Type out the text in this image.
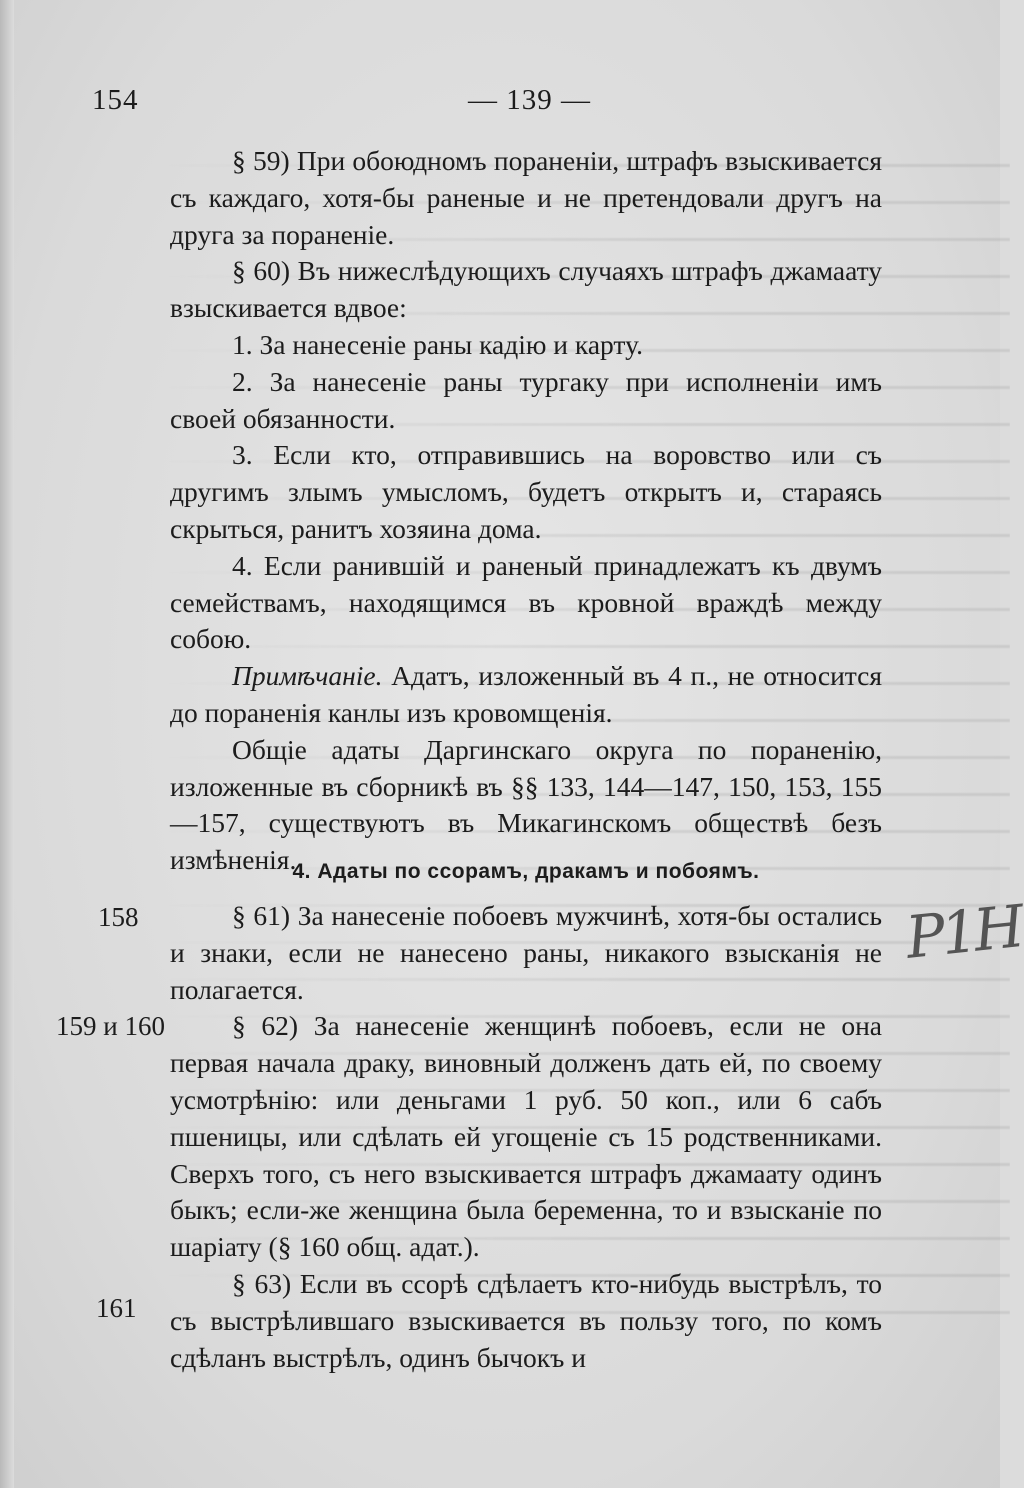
154	— 139 —

§ 59) При обоюдномъ пораненіи, штрафъ взыскивается съ каждаго, хотя-бы раненые и не претендовали другъ на друга за пораненіе.

§ 60) Въ нижеслѣдующихъ случаяхъ штрафъ джамаату взыскивается вдвое:

1. За нанесеніе раны кадію и карту.

2. За нанесеніе раны тургаку при исполненіи имъ своей обязанности.

3. Если кто, отправившись на воровство или съ другимъ злымъ умысломъ, будетъ открытъ и, стараясь скрыться, ранитъ хозяина дома.

4. Если ранившій и раненый принадлежатъ къ двумъ семействамъ, находящимся въ кровной враждѣ между собою.

Примѣчаніе. Адатъ, изложенный въ 4 п., не относится до пораненія канлы изъ кровомщенія.

Общіе адаты Даргинскаго округа по пораненію, изложенные въ сборникѣ въ §§ 133, 144—147, 150, 153, 155—157, существуютъ въ Микагинскомъ обществѣ безъ измѣненія.

4. Адаты по ссорамъ, дракамъ и побоямъ.

§ 61) За нанесеніе побоевъ мужчинѣ, хотя-бы остались и знаки, если не нанесено раны, никакого взысканія не полагается.

§ 62) За нанесеніе женщинѣ побоевъ, если не она первая начала драку, виновный долженъ дать ей, по своему усмотрѣнію: или деньгами 1 руб. 50 коп., или 6 сабъ пшеницы, или сдѣлать ей угощеніе съ 15 родственниками. Сверхъ того, съ него взыскивается штрафъ джамаату одинъ быкъ; если-же женщина была беременна, то и взысканіе по шаріату (§ 160 общ. адат.).

§ 63) Если въ ссорѣ сдѣлаетъ кто-нибудь выстрѣлъ, то съ выстрѣлившаго взыскивается въ пользу того, по комъ сдѣланъ выстрѣлъ, одинъ бычокъ и

158
159 и 160
161
Р1Н
